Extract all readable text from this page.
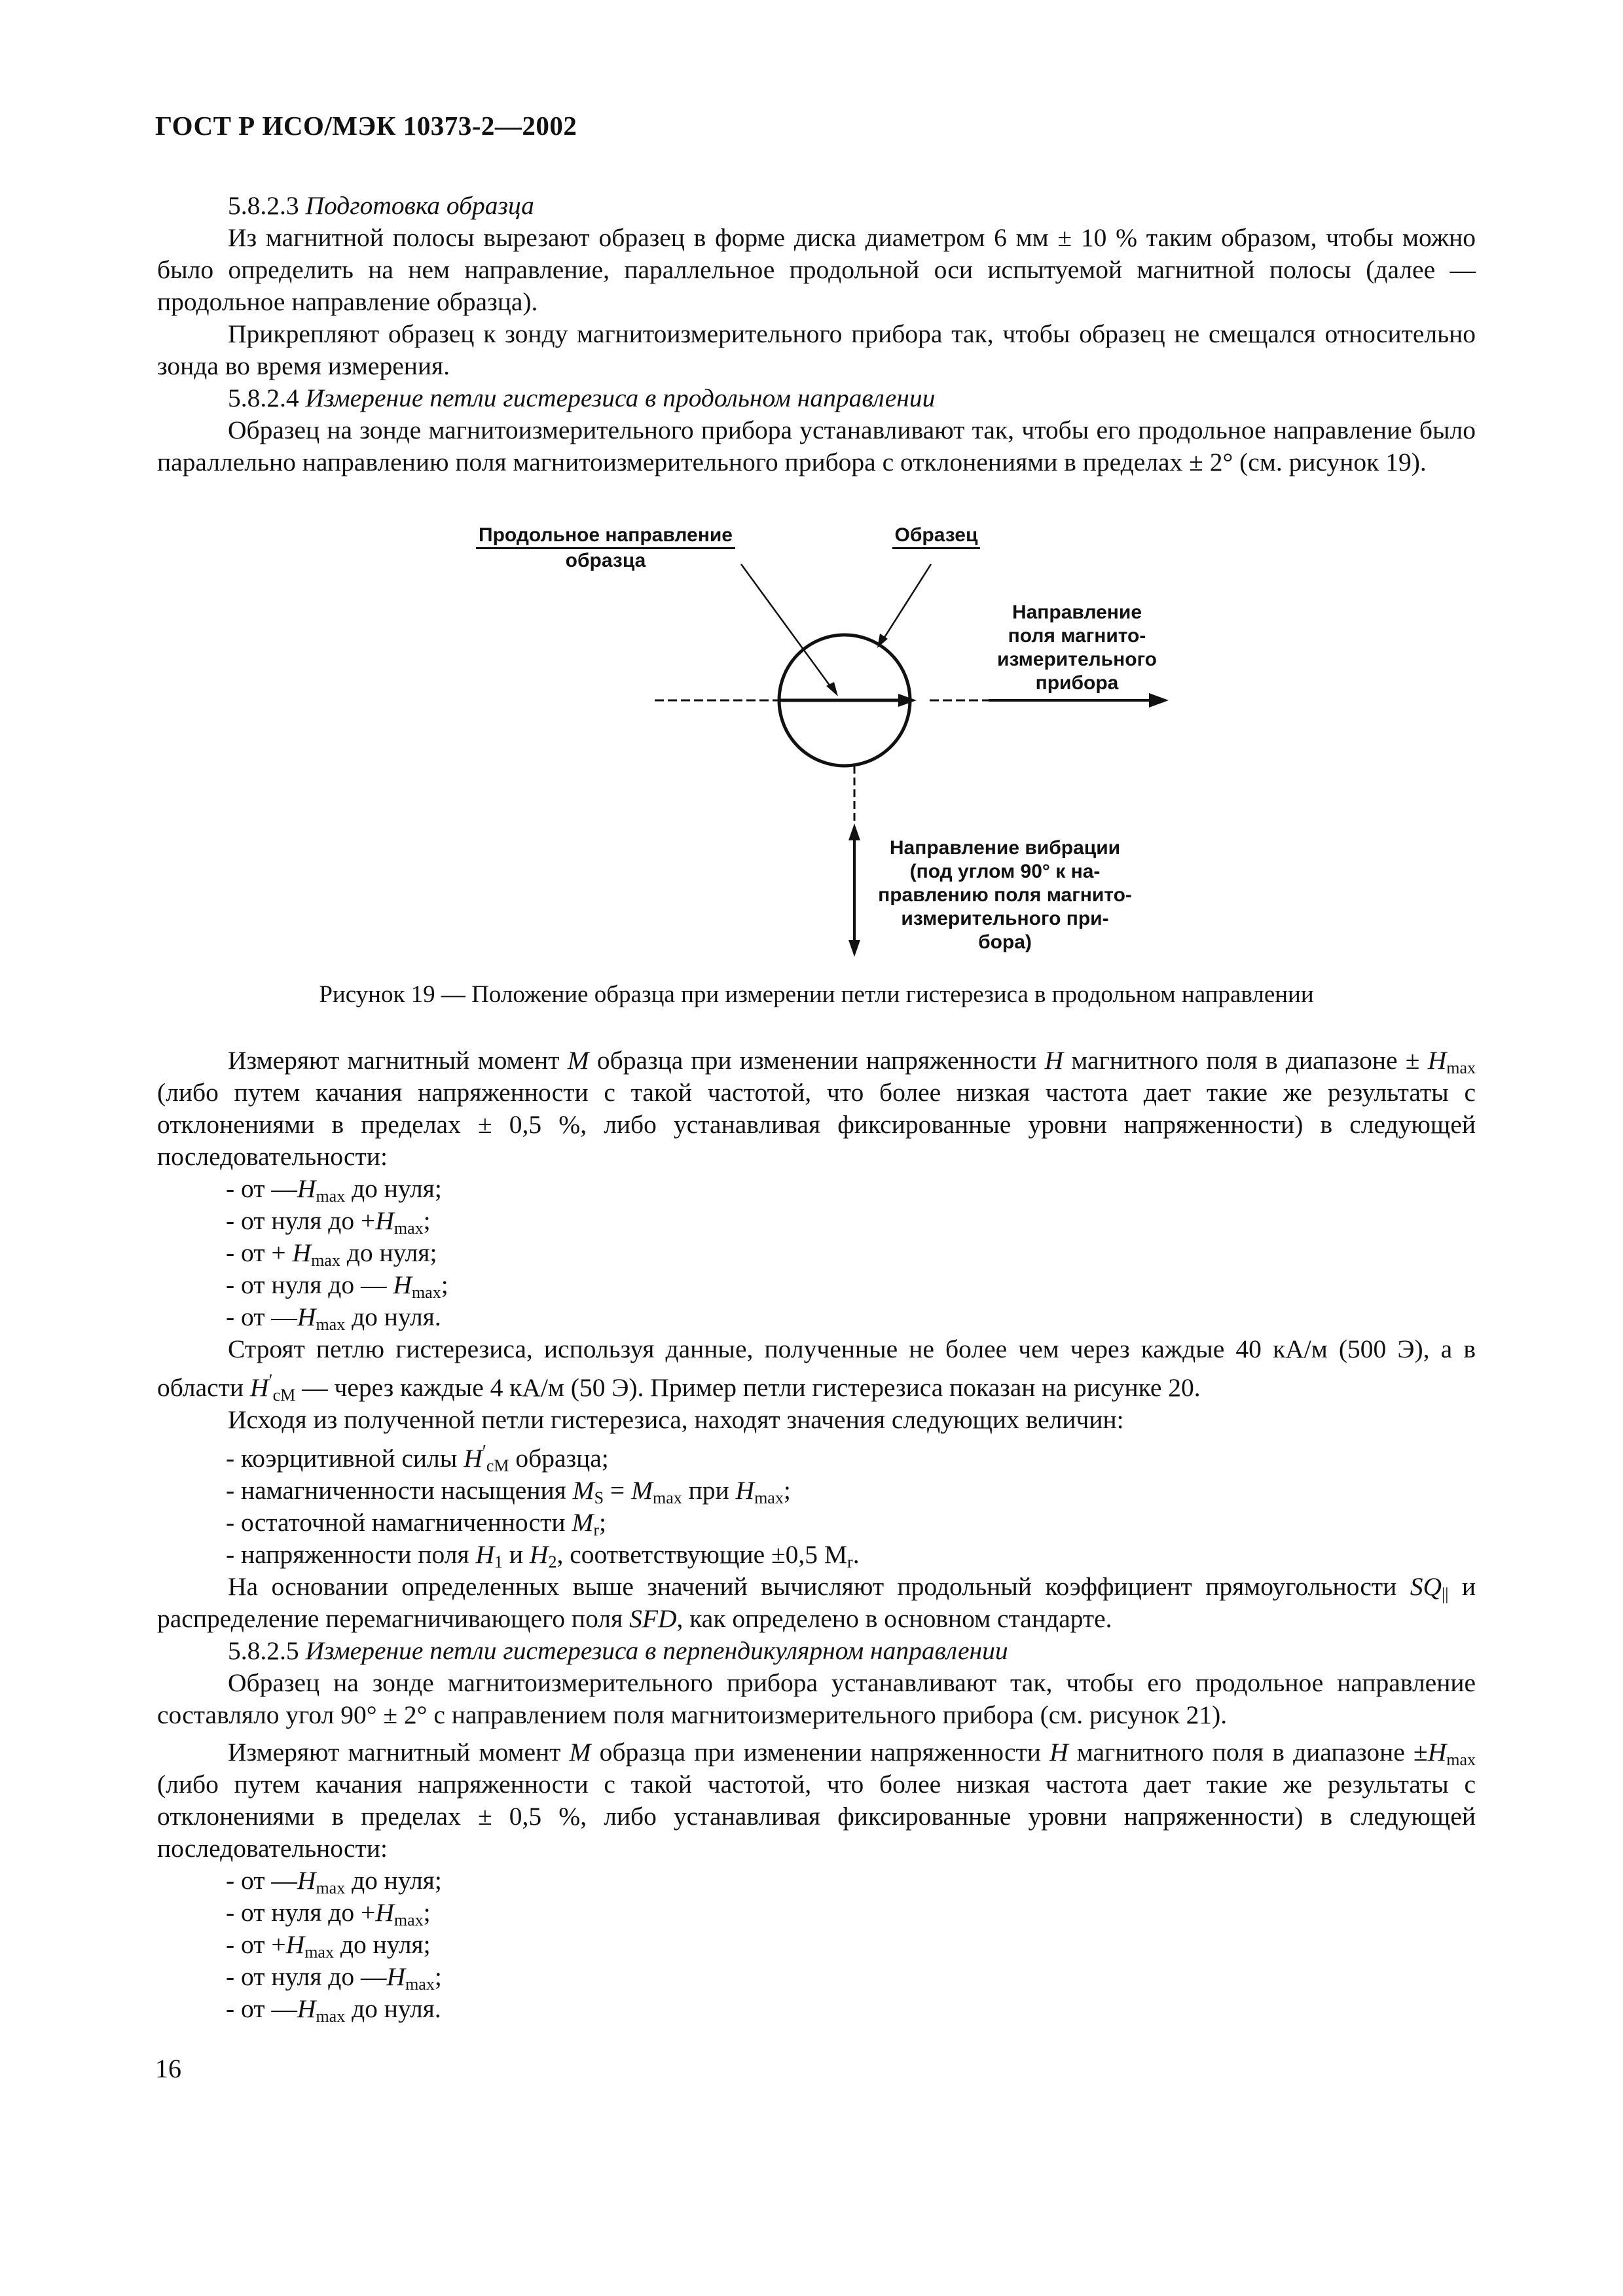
ГОСТ Р ИСО/МЭК 10373-2—2002

5.8.2.3 Подготовка образца

Из магнитной полосы вырезают образец в форме диска диаметром 6 мм ± 10 % таким образом, чтобы можно было определить на нем направление, параллельное продольной оси испытуемой магнитной полосы (далее — продольное направление образца).

Прикрепляют образец к зонду магнитоизмерительного прибора так, чтобы образец не смещался относительно зонда во время измерения.

5.8.2.4 Измерение петли гистерезиса в продольном направлении

Образец на зонде магнитоизмерительного прибора устанавливают так, чтобы его продольное направление было параллельно направлению поля магнитоизмерительного прибора с отклонениями в пределах ± 2° (см. рисунок 19).

Продольное направление
образца
Образец
Направление
поля магнито-
измерительного
прибора
Направление вибрации
(под углом 90° к на-
правлению поля магнито-
измерительного при-
бора)
Рисунок 19 — Положение образца при измерении петли гистерезиса в продольном направлении

Измеряют магнитный момент M образца при изменении напряженности H магнитного поля в диапазоне ± $H_{max}$ (либо путем качания напряженности с такой частотой, что более низкая частота дает такие же результаты с отклонениями в пределах ± 0,5 %, либо устанавливая фиксированные уровни напряженности) в следующей последовательности:

- от $—H_{max}$ до нуля;

- от нуля до $+H_{max}$;

- от + $H_{max}$ до нуля;

- от нуля до — $H_{max}$;

- от $—H_{max}$ до нуля.

Строят петлю гистерезиса, используя данные, полученные не более чем через каждые 40 кА/м (500 Э), а в области $H'_{cM}$ — через каждые 4 кА/м (50 Э). Пример петли гистерезиса показан на рисунке 20.

Исходя из полученной петли гистерезиса, находят значения следующих величин:

- коэрцитивной силы $H'_{cM}$ образца;

- намагниченности насыщения $M_S = M_{max}$ при $H_{max}$;

- остаточной намагниченности $M_r$;

- напряженности поля $H_1$ и $H_2$, соответствующие ±0,5 $M_r$.

На основании определенных выше значений вычисляют продольный коэффициент прямоугольности $SQ_{||}$ и распределение перемагничивающего поля SFD, как определено в основном стандарте.

5.8.2.5 Измерение петли гистерезиса в перпендикулярном направлении

Образец на зонде магнитоизмерительного прибора устанавливают так, чтобы его продольное направление составляло угол 90° ± 2° с направлением поля магнитоизмерительного прибора (см. рисунок 21).

Измеряют магнитный момент M образца при изменении напряженности H магнитного поля в диапазоне $\pm H_{max}$ (либо путем качания напряженности с такой частотой, что более низкая частота дает такие же результаты с отклонениями в пределах ± 0,5 %, либо устанавливая фиксированные уровни напряженности) в следующей последовательности:

- от $—H_{max}$ до нуля;

- от нуля до $+H_{max}$;

- от $+H_{max}$ до нуля;

- от нуля до $—H_{max}$;

- от $—H_{max}$ до нуля.

16
